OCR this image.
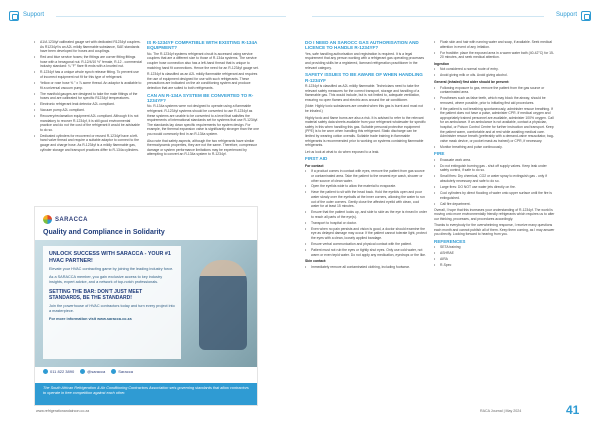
Support	Support
• A1/A 1234yf calibrated gauge set with dedicated R1234yf couplers. As R1234yf is an A2L mildly flammable substance, SAE standards have been developed for hoses and couplings.
• Red and blue service hoses; the fittings are corner fitting fittings hose with a hexagonal nut. R-12/4/10 ½" female, R-12 - commercial industry standard: ¼ "F" flare fit ends with a knurled nut.
• R-1234yf has a unique whole synch release fitting. To prevent use of incorrect equipment not fit for this type of refrigerant.
• Yellow or rose hose ⅜ " x ⅞ acme thread. An adaptor is available to fit a universal vacuum pump.
• The manifold gauges are designed to take the male fittings of the hoses and are calibrated for specific R1234yf temperatures.
• Electronic refrigerant leak detector A2L compliant.
• Vacuum pump A2L compliant.
• Recovery/reclamation equipment A2L compliant. Although it is not mandatory to recover R-1234yf, it is still good environmental practice and do not the cost of the refrigerant it would be advisable to do so.
• Dedicated cylinders for recovered or reused R-1234yf have a left-hand valve thread and require a suitable adaptor to connect to the gauge and charge hose. As R-1234yf is a mildly flammable gas, cylinder storage and transport practices differ to R-134a cylinders.
IS R-1234YF COMPATIBLE WITH EXISTING R-134A EQUIPMENT?

No. The R-1234yf systems refrigerant circuit is accessed using service couplers that are a different size to those of R-134a systems. The service coupler hose connection also has a left-hand thread that is unique to matching hand fit connections. Hence the need for an R-1234yf gauge set.

R-1234yf is classified as an A2L mildly flammable refrigerant and requires the use of equipment designed for use with such refrigerants. These precautions are indicated on the air conditioning system and produce detection that are suited to both refrigerants.

CAN AN R-134A SYSTEM BE CONVERTED TO R-1234YF?

No. R-134a systems were not designed to operate using a flammable refrigerant. R-1234yf systems should be converted to use R-1234yf as these systems are unable to be converted to a level that satisfies the requirements of international standards set for systems that use R-1234yf. The standards lay down specific requirements for system design. For example, the thermal expansion valve is significantly stronger than the one you would commonly find in an R-134a system.

Also note that safety aspects, although the two refrigerants have similar thermodynamic properties, they are not the same. Therefore, compressor damage or system performance limitations may be experienced by attempting to convert an R-134a system to R-1234yf.

DO I NEED AN SAROCC GAS AUTHORISATION AND LICENCE TO HANDLE R-1234YF?

Yes, safe handling authorisation and registration is required. It is a legal requirement that any person working with a refrigerant gas operating processes and providing skills be a registered, licensed refrigeration practitioner in the relevant category.

SAFETY ISSUES TO BE AWARE OF WHEN HANDLING R-1234YF

R-1234yf is classified as A2L mildly flammable. Technicians need to take the relevant safety measures for the correct transport, storage and handling of a flammable gas. This would include, but is not limited to, adequate ventilation, ensuring no open flames and electric arcs around the air conditioner.

(Note: Highly toxic substances are created when this gas is burnt and must not be inhaled.)

Highly toxic and flame burns are also a risk. It is advised to refer to the relevant material safety data sheets available from your refrigerant wholesaler for specific safety in this when handling this gas. Suitable personal protective equipment (PPE) is to be worn when handling this refrigerant. Static discharge can be limited by wearing cotton overalls. Suitable trade training in flammable refrigerants is recommended prior to working on systems containing flammable refrigerants.

Let us look at what to do when exposed to a leak.

FIRST AID
For contact
• If a product comes in contact with eyes, remove the patient from gas source or contaminated area. Take the patient to the nearest eye wash, shower or other source of clean water.
• Open the eyelids wide to allow the material to evaporate.
• Have the patient to sit with the head back. Hold the eyelids open and pour water slowly over the eyeballs at the inner corners, allowing the water to run out of the outer corners. Gently close the affected eyelid with clean, cool water for at least 15 minutes.
• Ensure that the patient looks up, and side to side as the eye is rinsed in order to reach all parts of the eye(s).
• Transport to hospital or doctor.
• Even when no pain persists and vision is good, a doctor should examine the eye as delayed damage may occur. If the patient cannot tolerate light, protect the eyes with a clean, loosely applied bandage.
• Ensure verbal communication and physical contact with the patient.
• Patient must not rub the eyes or tightly shut eyes. Only use cold water, not warm or even tepid water. Do not apply any medication, eyedrops or the like.
Skin contact:
• Immediately remove all contaminated clothing, including footwear.
• Flush skin and hair with running water and soap, if available. Seek medical attention in event of any irritation.
• For frostbite: place the exposed area in a warm water bath (40-42°C) for 15-20 minutes, and seek medical attention.
Ingestion
• Not considered a normal route of entry.
• Avoid giving milk or oils. Avoid giving alcohol.
General (inhaled) first aider should be present:
• Following exposure to gas, remove the patient from the gas source or contaminated area.
• Prostheses such as false teeth, which may block the airway, should be removed, where possible, prior to initiating first aid procedures.
• If the patient is not breathing spontaneously, administer rescue breathing. If the patient does not have a pulse, administer CPR. If medical oxygen and appropriately trained personnel are available, administer 100% oxygen. Call for an ambulance. If an ambulance is not available, contact a physician, hospital, or Poison Control Centre for further instruction and transport. Keep the patient warm, comfortable and at rest while awaiting medical care. Administer rescue breath (preferably with a demand-valve resuscitator, bag-valve mask device, or pocket mask as trained) or CPR, if necessary.
• Monitor breathing and pulse continuously.
FIRE
• Evacuate work area.
• Do not extinguish burning gas - shut off supply valves. Keep leak under safety control, if safe to do so.
• Small fires: Dry chemical, CO2 or water spray to extinguish gas - only if absolutely necessary and safe to do so.
• Large fires: DO NOT use water jets directly on fire.
• Cool cylinders by direct flooding of water onto upper surface until the fire is extinguished.
• Call fire department.

Overall, I hope that this increases your understanding of R-1234yf. The world is moving onto more environmentally friendly refrigerants which requires us to alter our thinking, processes, and procedures accordingly.

Thanks to everybody for the overwhelming response, I receive many questions each month and cannot publish all of them. Keep them coming, as I may answer you directly. Looking forward to hearing from you.

REFERENCES
• SETA training
• ASHRAE
• AIRA
• R-Spec
SARACCA
Quality and Compliance in Solidarity
UNLOCK SUCCESS WITH SARACCA - YOUR #1 HVAC PARTNER!
Elevate your HVAC contracting game by joining the leading industry force.
As a SARACCA member, you gain exclusive access to key industry insights, expert advice, and a network of top-notch professionals.
SETTING THE BAR: DON'T JUST MEET STANDARDS, BE THE STANDARD!
Join the powerhouse of HVAC contractors today and turn every project into a masterpiece.
For more information visit www.saracca.co.za
011 822 3890	@saracca	Saracca
The South African Refrigeration & Air Conditioning Contractors Association sets governing standards that allow contractors to operate in free competition against each other.
www.refrigerationandaircon.co.za	RACA Journal | May 2024	41
